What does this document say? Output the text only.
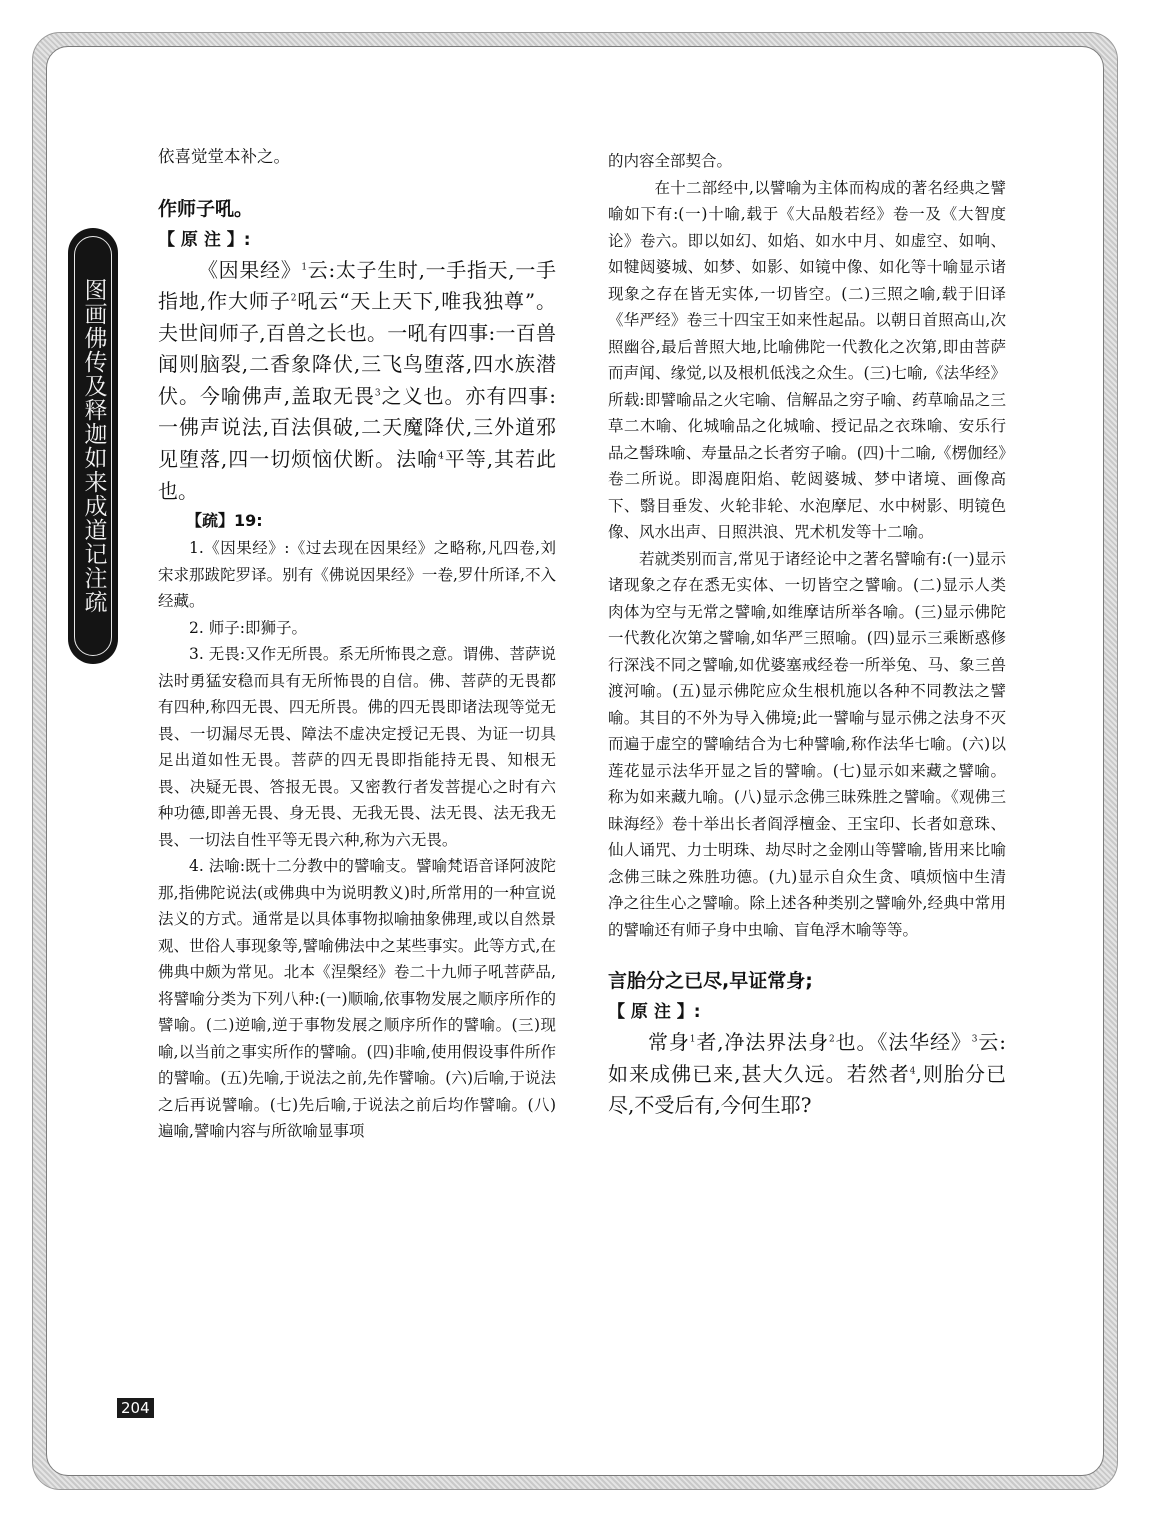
图画佛传及释迦如来成道记注疏

依喜觉堂本补之。

作师子吼。

【 原 注 】:

《因果经》$^1$云:太子生时,一手指天,一手指地,作大师子$^2$吼云“天上天下,唯我独尊”。夫世间师子,百兽之长也。一吼有四事:一百兽闻则脑裂,二香象降伏,三飞鸟堕落,四水族潜伏。今喻佛声,盖取无畏$^3$之义也。亦有四事:一佛声说法,百法俱破,二天魔降伏,三外道邪见堕落,四一切烦恼伏断。法喻$^4$平等,其若此也。

【疏】19:

1.《因果经》:《过去现在因果经》之略称,凡四卷,刘宋求那跋陀罗译。别有《佛说因果经》一卷,罗什所译,不入经藏。

2. 师子:即狮子。

3. 无畏:又作无所畏。系无所怖畏之意。谓佛、菩萨说法时勇猛安稳而具有无所怖畏的自信。佛、菩萨的无畏都有四种,称四无畏、四无所畏。佛的四无畏即诸法现等觉无畏、一切漏尽无畏、障法不虚决定授记无畏、为证一切具足出道如性无畏。菩萨的四无畏即指能持无畏、知根无畏、决疑无畏、答报无畏。又密教行者发菩提心之时有六种功德,即善无畏、身无畏、无我无畏、法无畏、法无我无畏、一切法自性平等无畏六种,称为六无畏。

4. 法喻:既十二分教中的譬喻支。譬喻梵语音译阿波陀那,指佛陀说法(或佛典中为说明教义)时,所常用的一种宣说法义的方式。通常是以具体事物拟喻抽象佛理,或以自然景观、世俗人事现象等,譬喻佛法中之某些事实。此等方式,在佛典中颇为常见。北本《涅槃经》卷二十九师子吼菩萨品,将譬喻分类为下列八种:(一)顺喻,依事物发展之顺序所作的譬喻。(二)逆喻,逆于事物发展之顺序所作的譬喻。(三)现喻,以当前之事实所作的譬喻。(四)非喻,使用假设事件所作的譬喻。(五)先喻,于说法之前,先作譬喻。(六)后喻,于说法之后再说譬喻。(七)先后喻,于说法之前后均作譬喻。(八)遍喻,譬喻内容与所欲喻显事项

的内容全部契合。

在十二部经中,以譬喻为主体而构成的著名经典之譬喻如下有:(一)十喻,载于《大品般若经》卷一及《大智度论》卷六。即以如幻、如焰、如水中月、如虚空、如响、如犍闼婆城、如梦、如影、如镜中像、如化等十喻显示诸现象之存在皆无实体,一切皆空。(二)三照之喻,载于旧译《华严经》卷三十四宝王如来性起品。以朝日首照高山,次照幽谷,最后普照大地,比喻佛陀一代教化之次第,即由菩萨而声闻、缘觉,以及根机低浅之众生。(三)七喻,《法华经》所载:即譬喻品之火宅喻、信解品之穷子喻、药草喻品之三草二木喻、化城喻品之化城喻、授记品之衣珠喻、安乐行品之髻珠喻、寿量品之长者穷子喻。(四)十二喻,《楞伽经》卷二所说。即渴鹿阳焰、乾闼婆城、梦中诸境、画像高下、翳目垂发、火轮非轮、水泡摩尼、水中树影、明镜色像、风水出声、日照洪浪、咒术机发等十二喻。

若就类别而言,常见于诸经论中之著名譬喻有:(一)显示诸现象之存在悉无实体、一切皆空之譬喻。(二)显示人类肉体为空与无常之譬喻,如维摩诘所举各喻。(三)显示佛陀一代教化次第之譬喻,如华严三照喻。(四)显示三乘断惑修行深浅不同之譬喻,如优婆塞戒经卷一所举兔、马、象三兽渡河喻。(五)显示佛陀应众生根机施以各种不同教法之譬喻。其目的不外为导入佛境;此一譬喻与显示佛之法身不灭而遍于虚空的譬喻结合为七种譬喻,称作法华七喻。(六)以莲花显示法华开显之旨的譬喻。(七)显示如来藏之譬喻。称为如来藏九喻。(八)显示念佛三昧殊胜之譬喻。《观佛三昧海经》卷十举出长者阎浮檀金、王宝印、长者如意珠、仙人诵咒、力士明珠、劫尽时之金刚山等譬喻,皆用来比喻念佛三昧之殊胜功德。(九)显示自众生贪、嗔烦恼中生清净之往生心之譬喻。除上述各种类别之譬喻外,经典中常用的譬喻还有师子身中虫喻、盲龟浮木喻等等。

言胎分之已尽,早证常身;

【 原 注 】:

常身$^1$者,净法界法身$^2$也。《法华经》$^3$云:如来成佛已来,甚大久远。若然者$^4$,则胎分已尽,不受后有,今何生耶?

204
